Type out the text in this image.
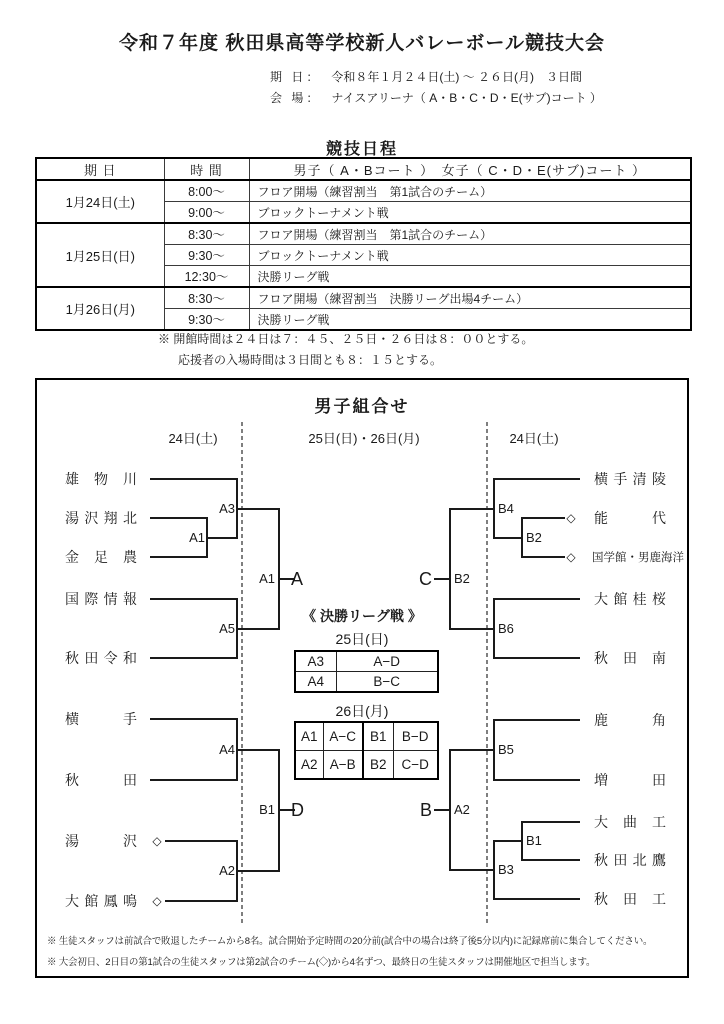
令和７年度 秋田県高等学校新人バレーボール競技大会
期 日： 令和８年１月２４日(土) ～ ２６日(月)　３日間
会 場： ナイスアリーナ（ A・B・C・D・E(サブ)コート ）
競技日程
期 日	時 間	男子（ A・Bコート ）　女子（ C・D・E(サブ)コート ）
1月24日(土)	8:00～	フロア開場（練習割当　第1試合のチーム）
	9:00～	ブロックトーナメント戦
1月25日(日)	8:30～	フロア開場（練習割当　第1試合のチーム）
	9:30～	ブロックトーナメント戦
	12:30～	決勝リーグ戦
1月26日(月)	8:30～	フロア開場（練習割当　決勝リーグ出場4チーム）
	9:30～	決勝リーグ戦
※ 開館時間は２４日は７：４５、２５日・２６日は８：００とする。
応援者の入場時間は３日間とも８：１５とする。
男子組合せ
24日(土)	25日(日)・26日(月)	24日(土)
雄 物 川
湯 沢 翔 北
金 足 農
国 際 情 報
秋 田 令 和
横	手
秋	田
湯	沢
大 館 鳳 鳴
横 手 清 陵
能	代
国学館・男鹿海洋
大 館 桂 桜
秋 田 南
鹿	角
増	田
大 曲 工
秋 田 北 鷹
秋 田 工
◇
◇
◇
◇
A1
A3
A5
A4
A2
A1
B1
B4
B2
B6
B5
B1
B3
B2
A2
A
D
C
B
《 決勝リーグ戦 》
25日(日)
A3	A−D
A4	B−C
26日(月)
A1	A−C	B1	B−D
A2	A−B	B2	C−D
※ 生徒スタッフは前試合で敗退したチームから8名。試合開始予定時間の20分前(試合中の場合は終了後5分以内)に記録席前に集合してください。
※ 大会初日、2日目の第1試合の生徒スタッフは第2試合のチーム(◇)から4名ずつ、最終日の生徒スタッフは開催地区で担当します。
